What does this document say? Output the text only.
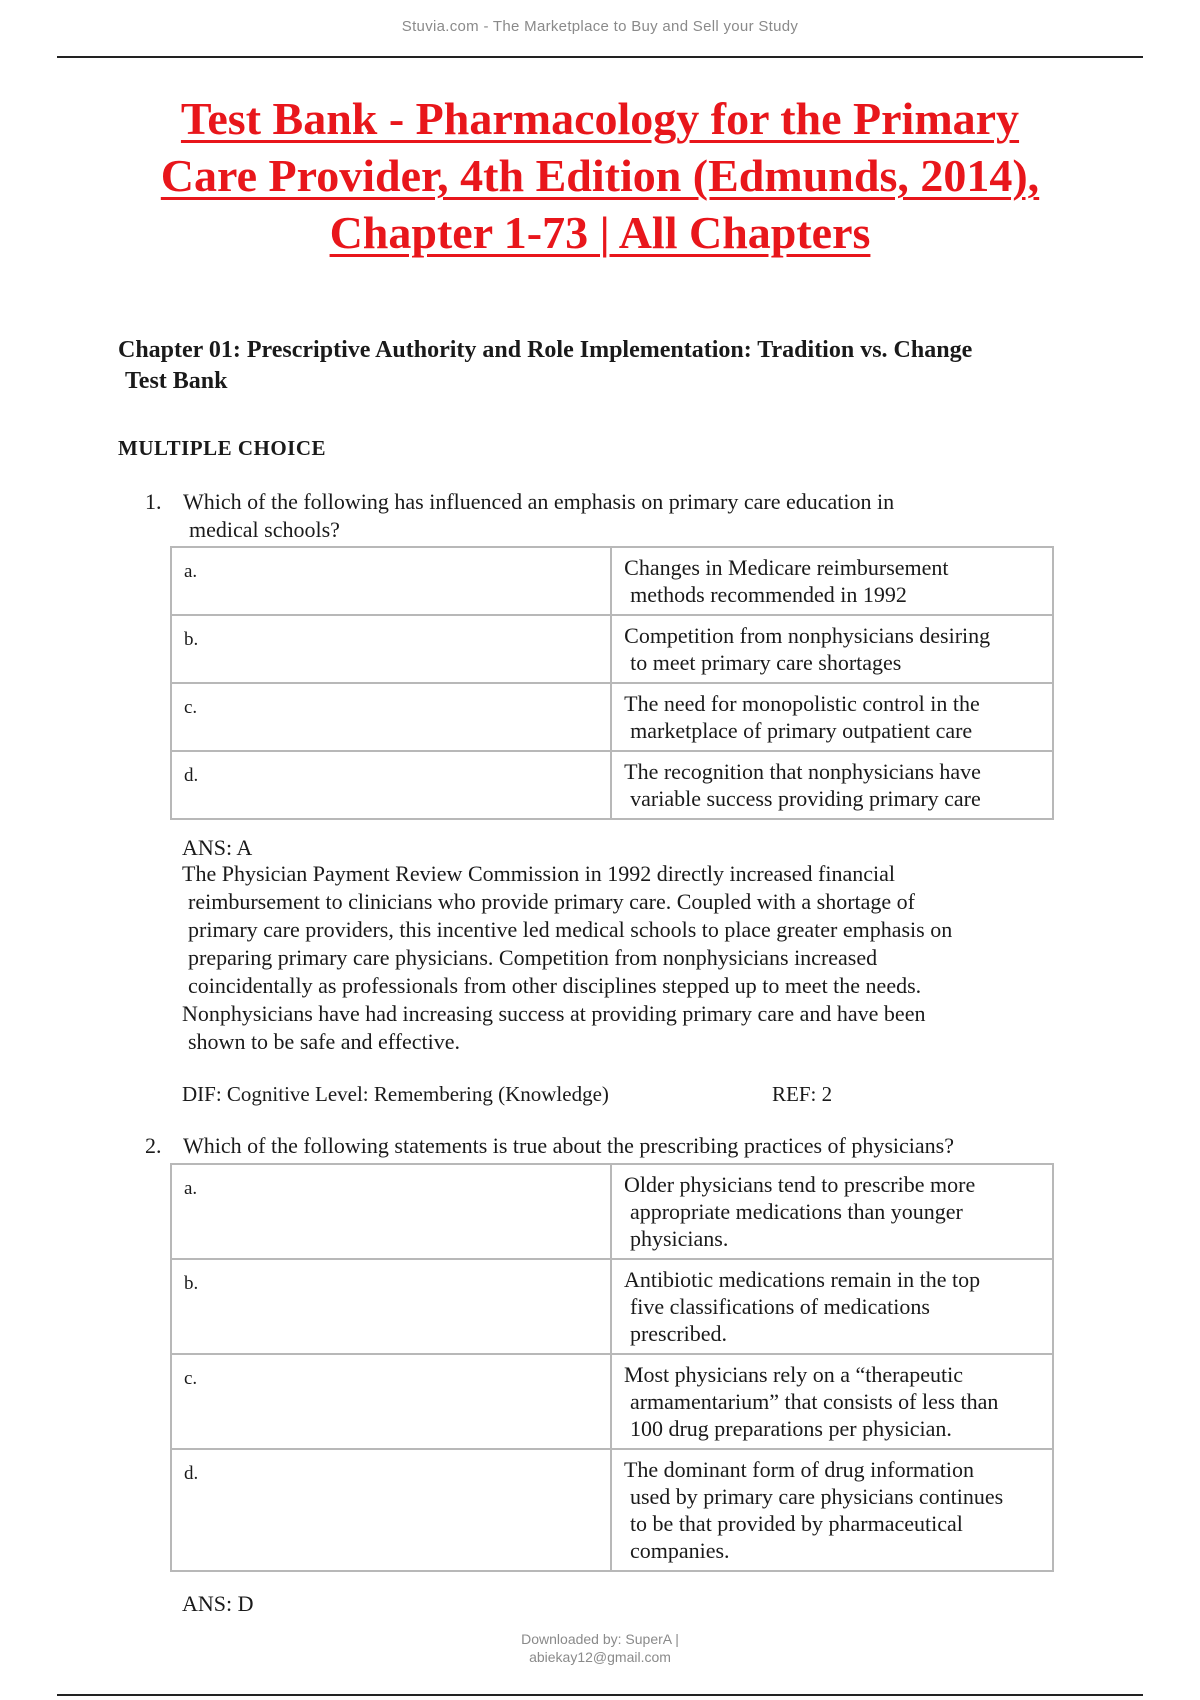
Stuvia.com - The Marketplace to Buy and Sell your Study
Test Bank - Pharmacology for the Primary
Care Provider, 4th Edition (Edmunds, 2014),
Chapter 1-73 | All Chapters
Chapter 01: Prescriptive Authority and Role Implementation: Tradition vs. Change
Test Bank
MULTIPLE CHOICE
1. Which of the following has influenced an emphasis on primary care education in
medical schools?
a.	Changes in Medicare reimbursement
methods recommended in 1992
b.	Competition from nonphysicians desiring
to meet primary care shortages
c.	The need for monopolistic control in the
marketplace of primary outpatient care
d.	The recognition that nonphysicians have
variable success providing primary care
ANS: A
The Physician Payment Review Commission in 1992 directly increased financial
reimbursement to clinicians who provide primary care. Coupled with a shortage of
primary care providers, this incentive led medical schools to place greater emphasis on
preparing primary care physicians. Competition from nonphysicians increased
coincidentally as professionals from other disciplines stepped up to meet the needs.
Nonphysicians have had increasing success at providing primary care and have been
shown to be safe and effective.
DIF: Cognitive Level: Remembering (Knowledge)	REF: 2
2. Which of the following statements is true about the prescribing practices of physicians?
a.	Older physicians tend to prescribe more
appropriate medications than younger
physicians.
b.	Antibiotic medications remain in the top
five classifications of medications
prescribed.
c.	Most physicians rely on a “therapeutic
armamentarium” that consists of less than
100 drug preparations per physician.
d.	The dominant form of drug information
used by primary care physicians continues
to be that provided by pharmaceutical
companies.
ANS: D
Downloaded by: SuperA |
abiekay12@gmail.com
